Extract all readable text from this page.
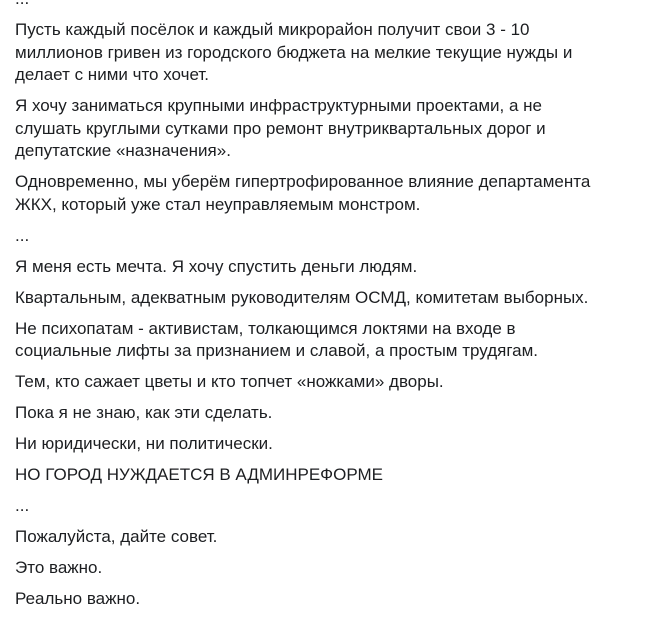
Пусть каждый посёлок и каждый микрорайон получит свои 3 - 10
миллионов гривен из городского бюджета на мелкие текущие нужды и
делает с ними что хочет.

Я хочу заниматься крупными инфраструктурными проектами, а не
слушать круглыми сутками про ремонт внутриквартальных дорог и
депутатские «назначения».

Одновременно, мы уберём гипертрофированное влияние департамента
ЖКХ, который уже стал неуправляемым монстром.

...

Я меня есть мечта. Я хочу спустить деньги людям.

Квартальным, адекватным руководителям ОСМД, комитетам выборных.

Не психопатам - активистам, толкающимся локтями на входе в
социальные лифты за признанием и славой, а простым трудягам.

Тем, кто сажает цветы и кто топчет «ножками» дворы.

Пока я не знаю, как эти сделать.

Ни юридически, ни политически.

НО ГОРОД НУЖДАЕТСЯ В АДМИНРЕФОРМЕ

...

Пожалуйста, дайте совет.

Это важно.

Реально важно.
